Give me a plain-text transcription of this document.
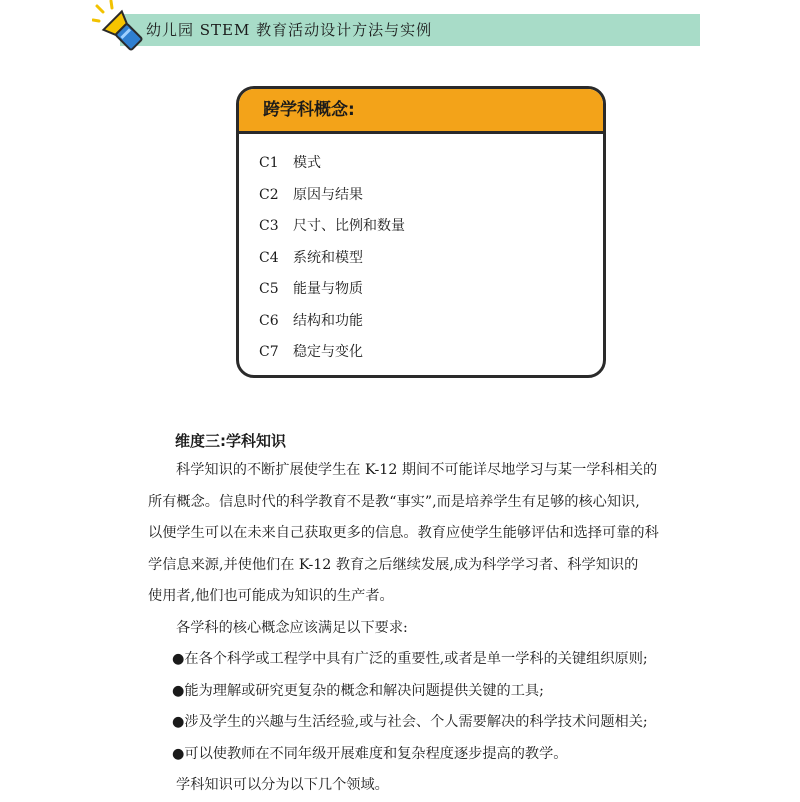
幼儿园 STEM 教育活动设计方法与实例
跨学科概念:
C1 模式
C2 原因与结果
C3 尺寸、比例和数量
C4 系统和模型
C5 能量与物质
C6 结构和功能
C7 稳定与变化
维度三:学科知识

科学知识的不断扩展使学生在 K-12 期间不可能详尽地学习与某一学科相关的

所有概念。信息时代的科学教育不是教“事实”,而是培养学生有足够的核心知识,

以便学生可以在未来自己获取更多的信息。教育应使学生能够评估和选择可靠的科

学信息来源,并使他们在 K-12 教育之后继续发展,成为科学学习者、科学知识的

使用者,他们也可能成为知识的生产者。

各学科的核心概念应该满足以下要求:

●在各个科学或工程学中具有广泛的重要性,或者是单一学科的关键组织原则;

●能为理解或研究更复杂的概念和解决问题提供关键的工具;

●涉及学生的兴趣与生活经验,或与社会、个人需要解决的科学技术问题相关;

●可以使教师在不同年级开展难度和复杂程度逐步提高的教学。

学科知识可以分为以下几个领域。
